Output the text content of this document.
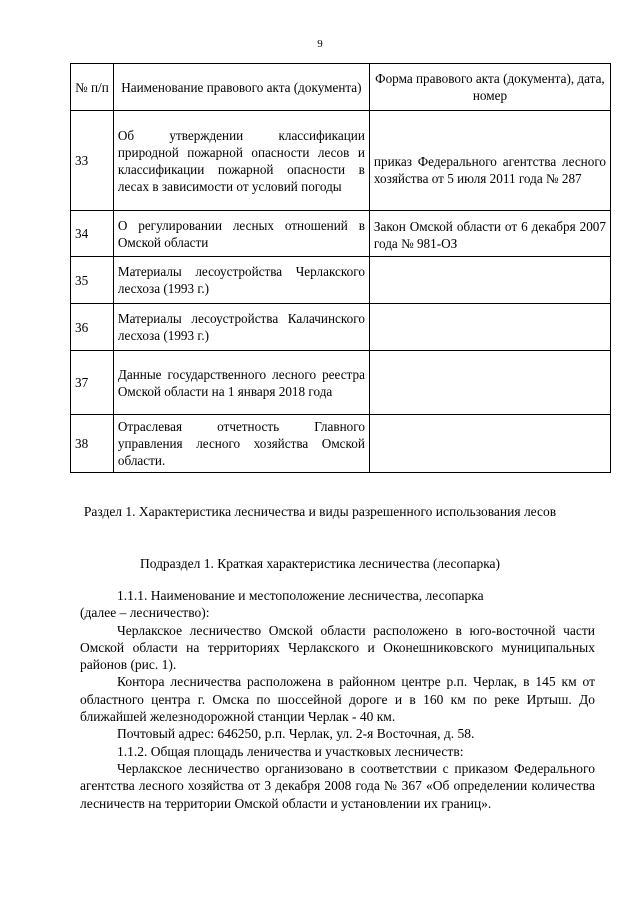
9
№ п/п	Наименование правового акта (документа)	Форма правового акта (документа), дата, номер
33	Об утверждении классификации природной пожарной опасности лесов и классификации пожарной опасности в лесах в зависимости от условий погоды	приказ Федерального агентства лесного хозяйства от 5 июля 2011 года № 287
34	О регулировании лесных отношений в Омской области	Закон Омской области от 6 декабря 2007 года № 981-ОЗ
35	Материалы лесоустройства Черлакского лесхоза (1993 г.)	
36	Материалы лесоустройства Калачинского лесхоза (1993 г.)	
37	Данные государственного лесного реестра Омской области на 1 января 2018 года	
38	Отраслевая отчетность Главного управления лесного хозяйства Омской области.	
Раздел 1. Характеристика лесничества и виды разрешенного использования лесов
Подраздел 1. Краткая характеристика лесничества (лесопарка)

1.1.1. Наименование и местоположение лесничества, лесопарка

(далее – лесничество):

Черлакское лесничество Омской области расположено в юго-восточной части Омской области на территориях Черлакского и Оконешниковского муниципальных районов (рис. 1).

Контора лесничества расположена в районном центре р.п. Черлак, в 145 км от областного центра г. Омска по шоссейной дороге и в 160 км по реке Иртыш. До ближайшей железнодорожной станции Черлак - 40 км.

Почтовый адрес: 646250, р.п. Черлак, ул. 2-я Восточная, д. 58.

1.1.2. Общая площадь леничества и участковых лесничеств:

Черлакское лесничество организовано в соответствии с приказом Федерального агентства лесного хозяйства от 3 декабря 2008 года № 367 «Об определении количества лесничеств на территории Омской области и установлении их границ».
